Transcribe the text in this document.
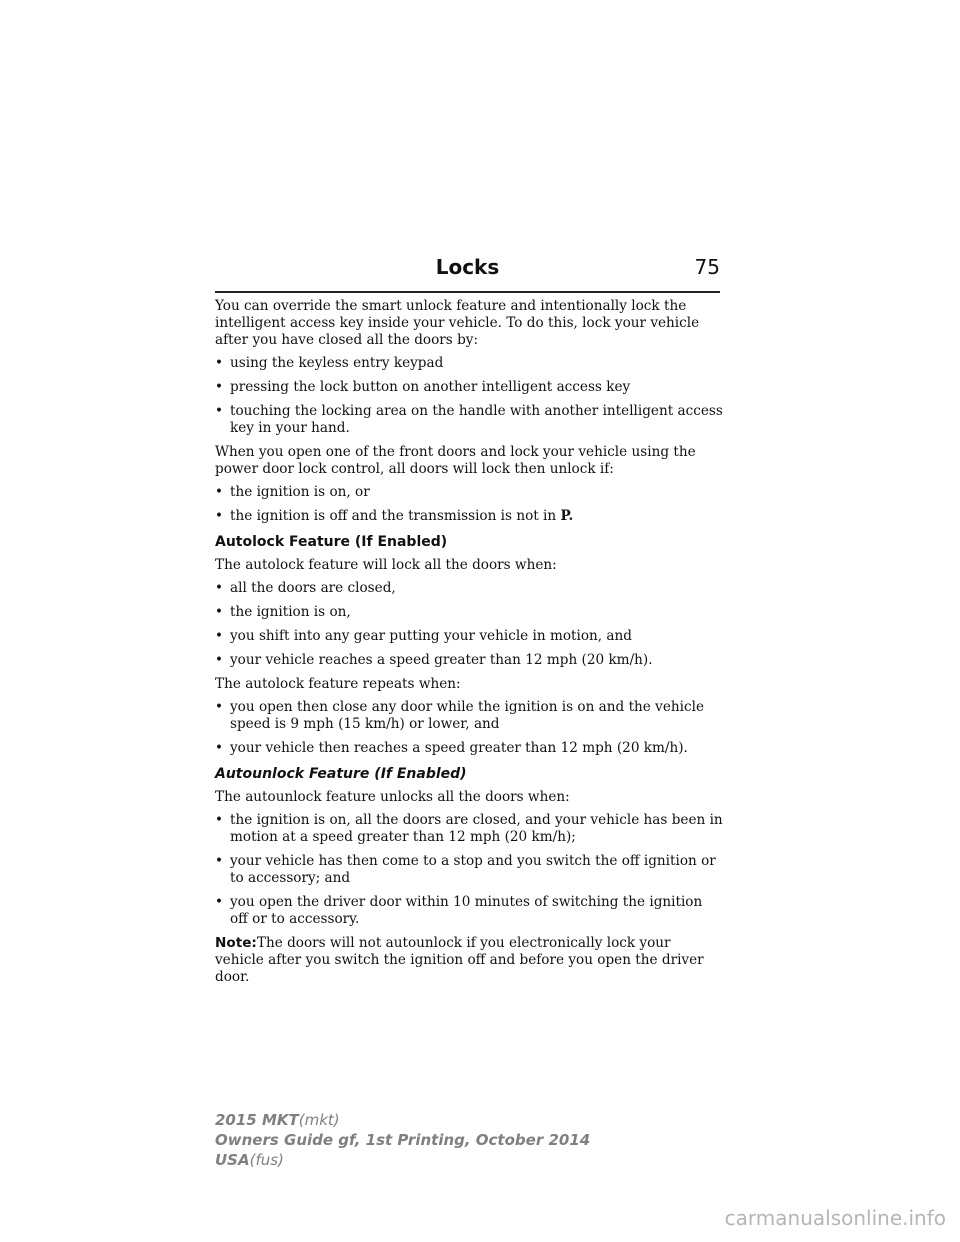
Locks	75

You can override the smart unlock feature and intentionally lock the intelligent access key inside your vehicle. To do this, lock your vehicle after you have closed all the doors by:

• using the keyless entry keypad
• pressing the lock button on another intelligent access key
• touching the locking area on the handle with another intelligent access key in your hand.

When you open one of the front doors and lock your vehicle using the power door lock control, all doors will lock then unlock if:

• the ignition is on, or
• the ignition is off and the transmission is not in P.
Autolock Feature (If Enabled)

The autolock feature will lock all the doors when:

• all the doors are closed,
• the ignition is on,
• you shift into any gear putting your vehicle in motion, and
• your vehicle reaches a speed greater than 12 mph (20 km/h).

The autolock feature repeats when:

• you open then close any door while the ignition is on and the vehicle speed is 9 mph (15 km/h) or lower, and
• your vehicle then reaches a speed greater than 12 mph (20 km/h).
Autounlock Feature (If Enabled)

The autounlock feature unlocks all the doors when:

• the ignition is on, all the doors are closed, and your vehicle has been in motion at a speed greater than 12 mph (20 km/h);
• your vehicle has then come to a stop and you switch the off ignition or to accessory; and
• you open the driver door within 10 minutes of switching the ignition off or to accessory.

Note:The doors will not autounlock if you electronically lock your vehicle after you switch the ignition off and before you open the driver door.

2015 MKT(mkt)
Owners Guide gf, 1st Printing, October 2014
USA(fus)
carmanualsonline.info
